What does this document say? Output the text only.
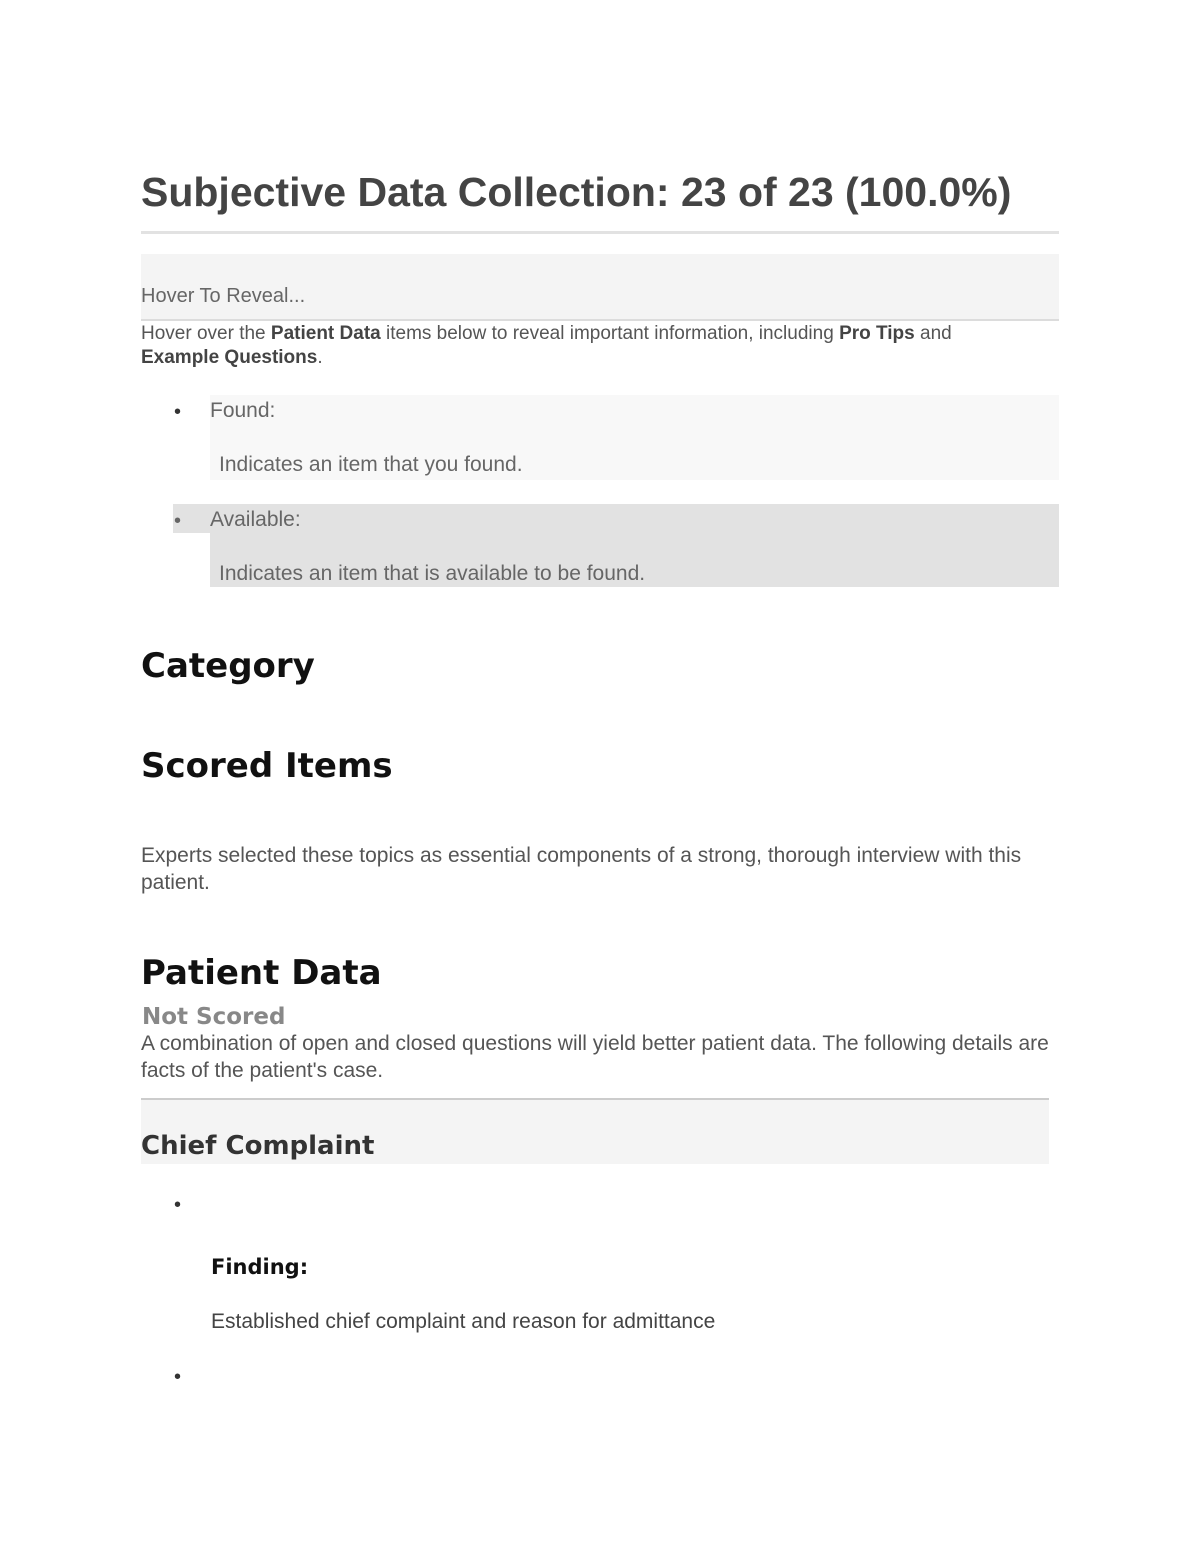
Subjective Data Collection: 23 of 23 (100.0%)
Hover To Reveal...
Hover over the Patient Data items below to reveal important information, including Pro Tips and Example Questions.
• Found:
Indicates an item that you found.
• Available:
Indicates an item that is available to be found.
Category
Scored Items
Experts selected these topics as essential components of a strong, thorough interview with this patient.
Patient Data
Not Scored
A combination of open and closed questions will yield better patient data. The following details are facts of the patient's case.
Chief Complaint
•
Finding:
Established chief complaint and reason for admittance
•
